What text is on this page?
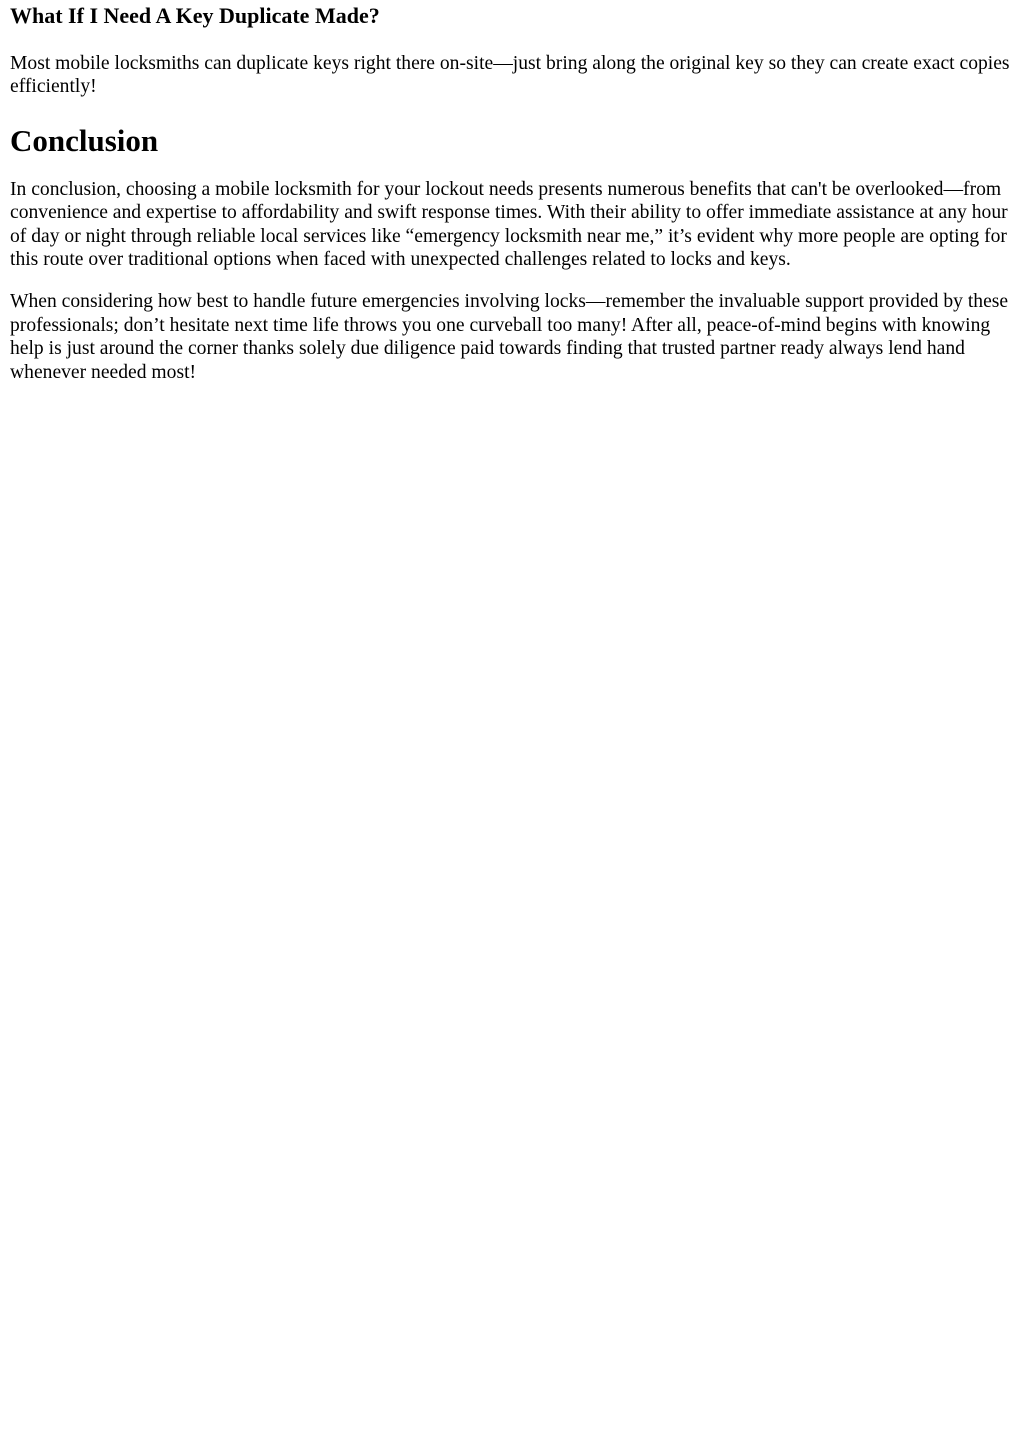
What If I Need A Key Duplicate Made?

Most mobile locksmiths can duplicate keys right there on-site—just bring along the original key so they can create exact copies efficiently!

Conclusion

In conclusion, choosing a mobile locksmith for your lockout needs presents numerous benefits that can't be overlooked—from convenience and expertise to affordability and swift response times. With their ability to offer immediate assistance at any hour of day or night through reliable local services like “emergency locksmith near me,” it’s evident why more people are opting for this route over traditional options when faced with unexpected challenges related to locks and keys.

When considering how best to handle future emergencies involving locks—remember the invaluable support provided by these professionals; don’t hesitate next time life throws you one curveball too many! After all, peace-of-mind begins with knowing help is just around the corner thanks solely due diligence paid towards finding that trusted partner ready always lend hand whenever needed most!
